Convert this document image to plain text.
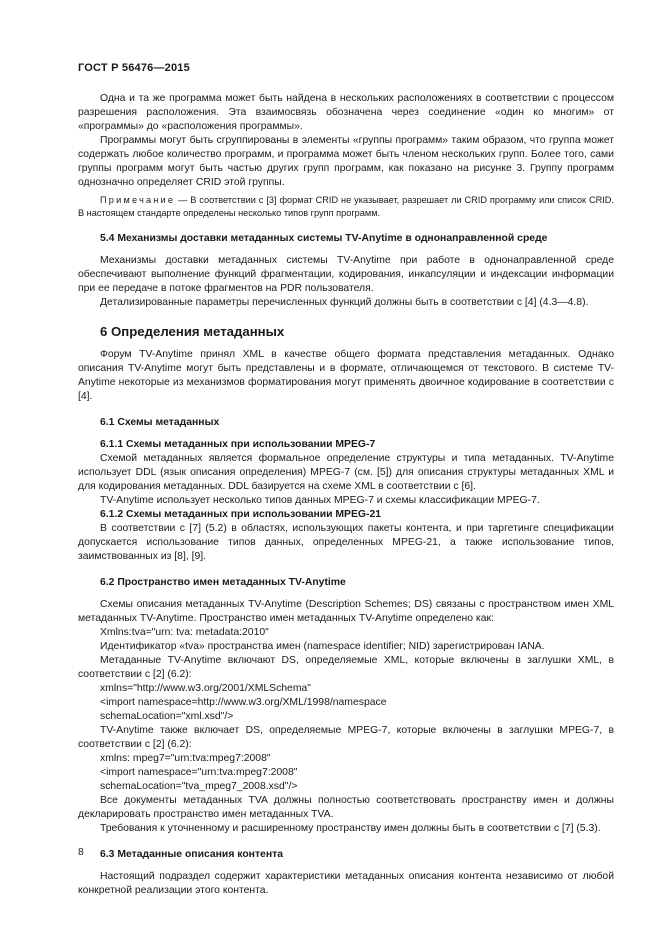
ГОСТ Р 56476—2015

Одна и та же программа может быть найдена в нескольких расположениях в соответствии с процессом разрешения расположения. Эта взаимосвязь обозначена через соединение «один ко многим» от «программы» до «расположения программы».

Программы могут быть сгруппированы в элементы «группы программ» таким образом, что группа может содержать любое количество программ, и программа может быть членом нескольких групп. Более того, сами группы программ могут быть частью других групп программ, как показано на рисунке 3. Группу программ однозначно определяет CRID этой группы.

Примечание — В соответствии с [3] формат CRID не указывает, разрешает ли CRID программу или список CRID. В настоящем стандарте определены несколько типов групп программ.

5.4 Механизмы доставки метаданных системы TV-Anytime в однонаправленной среде

Механизмы доставки метаданных системы TV-Anytime при работе в однонаправленной среде обеспечивают выполнение функций фрагментации, кодирования, инкапсуляции и индексации информации при ее передаче в потоке фрагментов на PDR пользователя.

Детализированные параметры перечисленных функций должны быть в соответствии с [4] (4.3—4.8).

6 Определения метаданных

Форум TV-Anytime принял XML в качестве общего формата представления метаданных. Однако описания TV-Anytime могут быть представлены и в формате, отличающемся от текстового. В системе TV-Anytime некоторые из механизмов форматирования могут применять двоичное кодирование в соответствии с [4].

6.1 Схемы метаданных

6.1.1 Схемы метаданных при использовании MPEG-7

Схемой метаданных является формальное определение структуры и типа метаданных. TV-Anytime использует DDL (язык описания определения) MPEG-7 (см. [5]) для описания структуры метаданных XML и для кодирования метаданных. DDL базируется на схеме XML в соответствии с [6].

TV-Anytime использует несколько типов данных MPEG-7 и схемы классификации MPEG-7.

6.1.2 Схемы метаданных при использовании MPEG-21

В соответствии с [7] (5.2) в областях, использующих пакеты контента, и при таргетинге спецификации допускается использование типов данных, определенных MPEG-21, а также использование типов, заимствованных из [8], [9].

6.2 Пространство имен метаданных TV-Anytime

Схемы описания метаданных TV-Anytime (Description Schemes; DS) связаны с пространством имен XML метаданных TV-Anytime. Пространство имен метаданных TV-Anytime определено как:

Xmlns:tva="urn: tva: metadata:2010"

Идентификатор «tva» пространства имен (namespace identifier; NID) зарегистрирован IANA.

Метаданные TV-Anytime включают DS, определяемые XML, которые включены в заглушки XML, в соответствии с [2] (6.2):

xmlns="http://www.w3.org/2001/XMLSchema"

<import namespace=http://www.w3.org/XML/1998/namespace

schemaLocation="xml.xsd"/>

TV-Anytime также включает DS, определяемые MPEG-7, которые включены в заглушки MPEG-7, в соответствии с [2] (6.2):

xmlns: mpeg7="urn:tva:mpeg7:2008"

<import namespace="urn:tva:mpeg7:2008"

schemaLocation="tva_mpeg7_2008.xsd"/>

Все документы метаданных TVA должны полностью соответствовать пространству имен и должны декларировать пространство имен метаданных TVA.

Требования к уточненному и расширенному пространству имен должны быть в соответствии с [7] (5.3).

6.3 Метаданные описания контента

Настоящий подраздел содержит характеристики метаданных описания контента независимо от любой конкретной реализации этого контента.

8
